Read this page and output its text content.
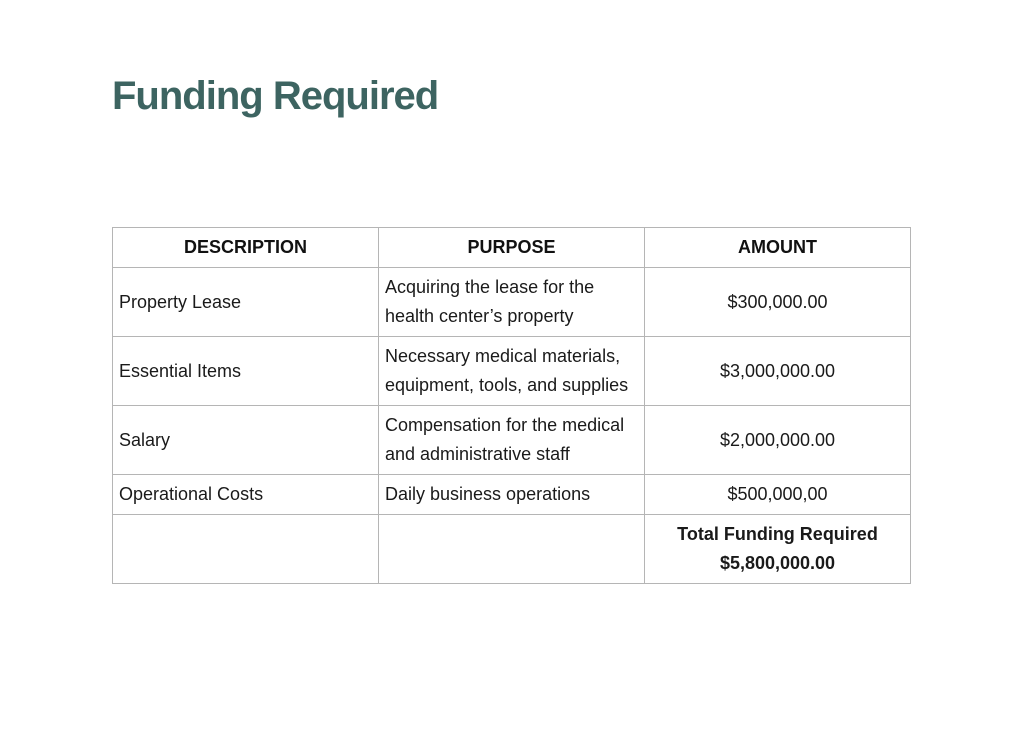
Funding Required
DESCRIPTION	PURPOSE	AMOUNT
Property Lease	Acquiring the lease for the health center’s property	$300,000.00
Essential Items	Necessary medical materials, equipment, tools, and supplies	$3,000,000.00
Salary	Compensation for the medical and administrative staff	$2,000,000.00
Operational Costs	Daily business operations	$500,000,00

		Total Funding Required
$5,800,000.00
